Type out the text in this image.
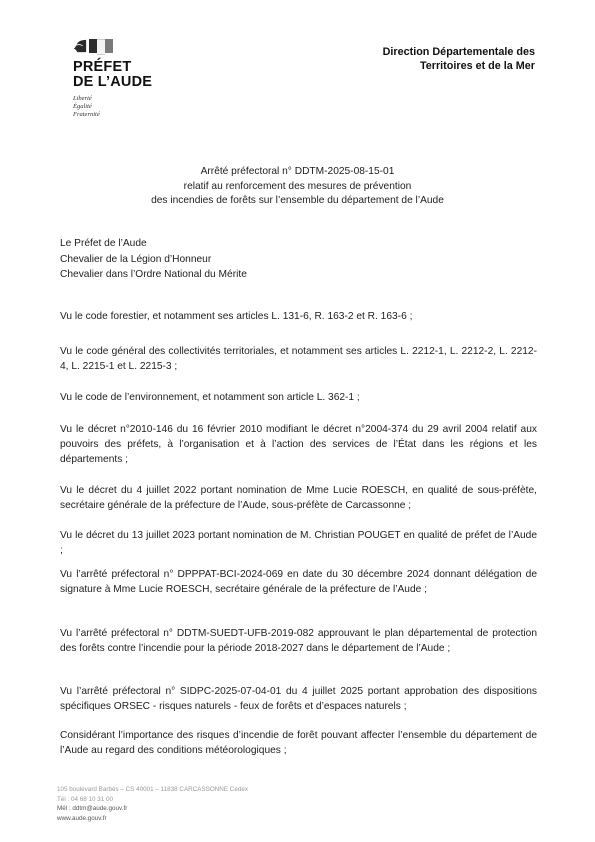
PRÉFET
DE L’AUDE
Liberté
Égalité
Fraternité
Direction Départementale des
Territoires et de la Mer
Arrêté préfectoral n° DDTM-2025-08-15-01
relatif au renforcement des mesures de prévention
des incendies de forêts sur l’ensemble du département de l’Aude
Le Préfet de l’Aude
Chevalier de la Légion d’Honneur
Chevalier dans l’Ordre National du Mérite

Vu le code forestier, et notamment ses articles L. 131-6, R. 163-2 et R. 163-6 ;

Vu le code général des collectivités territoriales, et notamment ses articles L. 2212-1, L. 2212-2, L. 2212-4, L. 2215-1 et L. 2215-3 ;

Vu le code de l’environnement, et notamment son article L. 362-1 ;

Vu le décret n°2010-146 du 16 février 2010 modifiant le décret n°2004-374 du 29 avril 2004 relatif aux pouvoirs des préfets, à l’organisation et à l’action des services de l’État dans les régions et les départements ;

Vu le décret du 4 juillet 2022 portant nomination de Mme Lucie ROESCH, en qualité de sous-préfète, secrétaire générale de la préfecture de l’Aude, sous-préfète de Carcassonne ;

Vu le décret du 13 juillet 2023 portant nomination de M. Christian POUGET en qualité de préfet de l’Aude ;

Vu l’arrêté préfectoral n° DPPPAT-BCI-2024-069 en date du 30 décembre 2024 donnant délégation de signature à Mme Lucie ROESCH, secrétaire générale de la préfecture de l’Aude ;

Vu l’arrêté préfectoral n° DDTM-SUEDT-UFB-2019-082 approuvant le plan départemental de protection des forêts contre l’incendie pour la période 2018-2027 dans le département de l’Aude ;

Vu l’arrêté préfectoral n° SIDPC-2025-07-04-01 du 4 juillet 2025 portant approbation des dispositions spécifiques ORSEC - risques naturels - feux de forêts et d’espaces naturels ;

Considérant l’importance des risques d’incendie de forêt pouvant affecter l’ensemble du département de l’Aude au regard des conditions météorologiques ;

105 boulevard Barbès – CS 40001 – 11838 CARCASSONNE Cedex
Tél : 04 68 10 31 00
Mél : ddtm@aude.gouv.fr
www.aude.gouv.fr
